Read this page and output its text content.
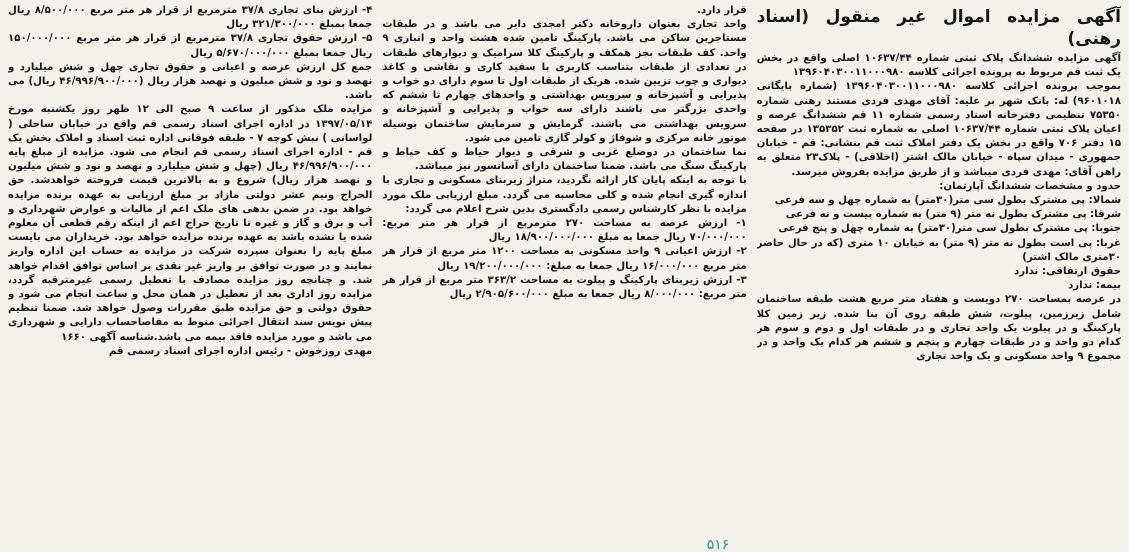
آگهی مزایده اموال غیر منقول (اسناد رهنی)

آگهی مزایده ششدانگ پلاک ثبتی شماره ۱۰۶۳۷/۴۴ اصلی واقع در بخش یک ثبت قم مربوط به پرونده اجرائی کلاسه ۱۳۹۶۰۴۰۳۰۰۱۱۰۰۰۹۸۰

بموجب پرونده اجرائی کلاسه ۱۳۹۶۰۴۰۳۰۰۱۱۰۰۰۹۸۰ (شماره بایگانی ۹۶۰۱۰۱۸) له: بانک شهر بر علیه: آقای مهدی فردی مستند رهنی شماره ۷۵۳۵۰ تنظیمی دفترخانه اسناد رسمی شماره ۱۱ قم ششدانگ عرصه و اعیان پلاک ثبتی شماره ۱۰۶۳۷/۴۴ اصلی به شماره ثبت ۱۳۵۳۵۲ در صفحه ۱۵ دفتر ۷۰۶ واقع در بخش یک دفتر املاک ثبت قم بنشانی: قم - خیابان جمهوری - میدان سپاه - خیابان مالک اشتر (اخلاقی) - پلاک۲۳ متعلق به راهن آقای: مهدی فردی میباشد و از طریق مزایده بفروش میرسد.

حدود و مشخصات ششدانگ آپارتمان:

شمالا: پی مشترک بطول سی متر(۳۰متر) به شماره چهل و سه فرعی

شرقا: پی مشترک بطول نه متر (۹ متر) به شماره بیست و نه فرعی

جنوبا: پی مشترک بطول سی متر(۳۰متر) به شماره چهل و پنج فرعی

غربا: پی است بطول نه متر (۹ متر) به خیابان ۱۰ متری (که در حال حاضر ۳۰متری مالک اشتر)

حقوق ارتفاقی: ندارد

بیمه: ندارد

در عرصه بمساحت ۲۷۰ دویست و هفتاد متر مربع هشت طبقه ساختمان شامل زیرزمین، پیلوت، شش طبقه روی آن بنا شده. زیر زمین کلا پارکینگ و در پیلوت یک واحد تجاری و در طبقات اول و دوم و سوم هر کدام دو واحد و در طبقات چهارم و پنجم و ششم هر کدام یک واحد و در مجموع ۹ واحد مسکونی و یک واحد تجاری

قرار دارد.

واحد تجاری بعنوان داروخانه دکتر امجدی دایر می باشد و در طبقات مستاجرین ساکن می باشد. پارکینگ تامین شده هشت واحد و انباری ۹ واحد. کف طبقات بجز همکف و پارکینگ کلا سرامیک و دیوارهای طبقات در تعدادی از طبقات بتناسب کاربری با سفید کاری و نقاشی و کاغذ دیواری و چوب تزیین شده. هریک از طبقات اول تا سوم دارای دو خواب و پذیرایی و آشپزخانه و سرویس بهداشتی و واحدهای چهارم تا ششم که واحدی بزرگتر می باشند دارای سه خواب و پذیرایی و آشپزخانه و سرویس بهداشتی می باشند. گرمایش و سرمایش ساختمان بوسیله موتور خانه مرکزی و شوفاژ و کولر گازی تامین می شود.

نما ساختمان در دوضلع غربی و شرقی و دیوار حیاط و کف حیاط و پارکینگ سنگ می باشد. ضمنا ساختمان دارای آسانسور نیز میباشد.

با توجه به اینکه پایان کار ارائه نگردید، متراژ زیربنای مسکونی و تجاری با اندازه گیری انجام شده و کلی محاسبه می گردد. مبلغ ارزیابی ملک مورد مزایده با نظر کارشناس رسمی دادگستری بدین شرح اعلام می گردد:

۱- ارزش عرصه به مساحت ۲۷۰ مترمربع از قرار هر متر مربع: ۷۰/۰۰۰/۰۰۰ ریال جمعا به مبلغ ۱۸/۹۰۰/۰۰۰/۰۰۰ ریال

۲- ارزش اعیانی ۹ واحد مسکونی به مساحت ۱۲۰۰ متر مربع از قرار هر متر مربع ۱۶/۰۰۰/۰۰۰ ریال جمعا به مبلغ: ۱۹/۲۰۰/۰۰۰/۰۰۰ ریال

۳- ارزش زیربنای پارکینگ و پیلوت به مساحت ۳۶۳/۲ متر مربع از قرار هر متر مربع: ۸/۰۰۰/۰۰۰ ریال جمعا به مبلغ ۲/۹۰۵/۶۰۰/۰۰۰ ریال

۴- ارزش بنای تجاری ۳۷/۸ مترمربع از قرار هر متر مربع ۸/۵۰۰/۰۰۰ ریال جمعا بمبلغ ۳۲۱/۳۰۰/۰۰۰ ریال

۵- ارزش حقوق تجاری ۳۷/۸ مترمربع از قرار هر متر مربع ۱۵۰/۰۰۰/۰۰۰ ریال جمعا بمبلغ ۵/۶۷۰/۰۰۰/۰۰۰ ریال

جمع کل ارزش عرصه و اعیانی و حقوق تجاری چهل و شش میلیارد و نهصد و نود و شش میلیون و نهصد هزار ریال (۴۶/۹۹۶/۹۰۰/۰۰۰ ریال) می باشد.

مزایده ملک مذکور از ساعت ۹ صبح الی ۱۲ ظهر روز یکشنبه مورخ ۱۳۹۷/۰۵/۱۴ در اداره اجرای اسناد رسمی قم واقع در خیابان ساحلی ( لواسانی ) نبش کوچه ۷ - طبقه فوقانی اداره ثبت اسناد و املاک بخش یک قم - اداره اجرای اسناد رسمی قم انجام می شود. مزایده از مبلغ پایه ۴۶/۹۹۶/۹۰۰/۰۰۰ ریال (چهل و شش میلیارد و نهصد و نود و شش میلیون و نهصد هزار ریال) شروع و به بالاترین قیمت فروخته خواهدشد. حق الحراج ونیم عشر دولتی مازاد بر مبلغ ارزیابی به عهده برنده مزایده خواهد بود. در ضمن بدهی های ملک اعم از مالیات و عوارض شهرداری و آب و برق و گاز و غیره تا تاریخ حراج اعم از اینکه رقم قطعی آن معلوم شده یا نشده باشد به عهده برنده مزایده خواهد بود. خریداران می بایست مبلغ پایه را بعنوان سپرده شرکت در مزایده به حساب این اداره واریز نمایند و در صورت توافق بر واریز غیر نقدی بر اساس توافق اقدام خواهد شد. و چنانچه روز مزایده مصادف با تعطیل رسمی غیرمترقبه گردد، مزایده روز اداری بعد از تعطیل در همان محل و ساعت انجام می شود و حقوق دولتی و حق مزایده طبق مقررات وصول خواهد شد. ضمنا تنظیم پیش نویس سند انتقال اجرائی منوط به مفاصاحساب دارایی و شهرداری می باشد و مورد مزایده فاقد بیمه می باشد.شناسه آگهی ۱۶۶۰

مهدی روزخوش - رئیس اداره اجرای اسناد رسمی قم

۵۱۶
